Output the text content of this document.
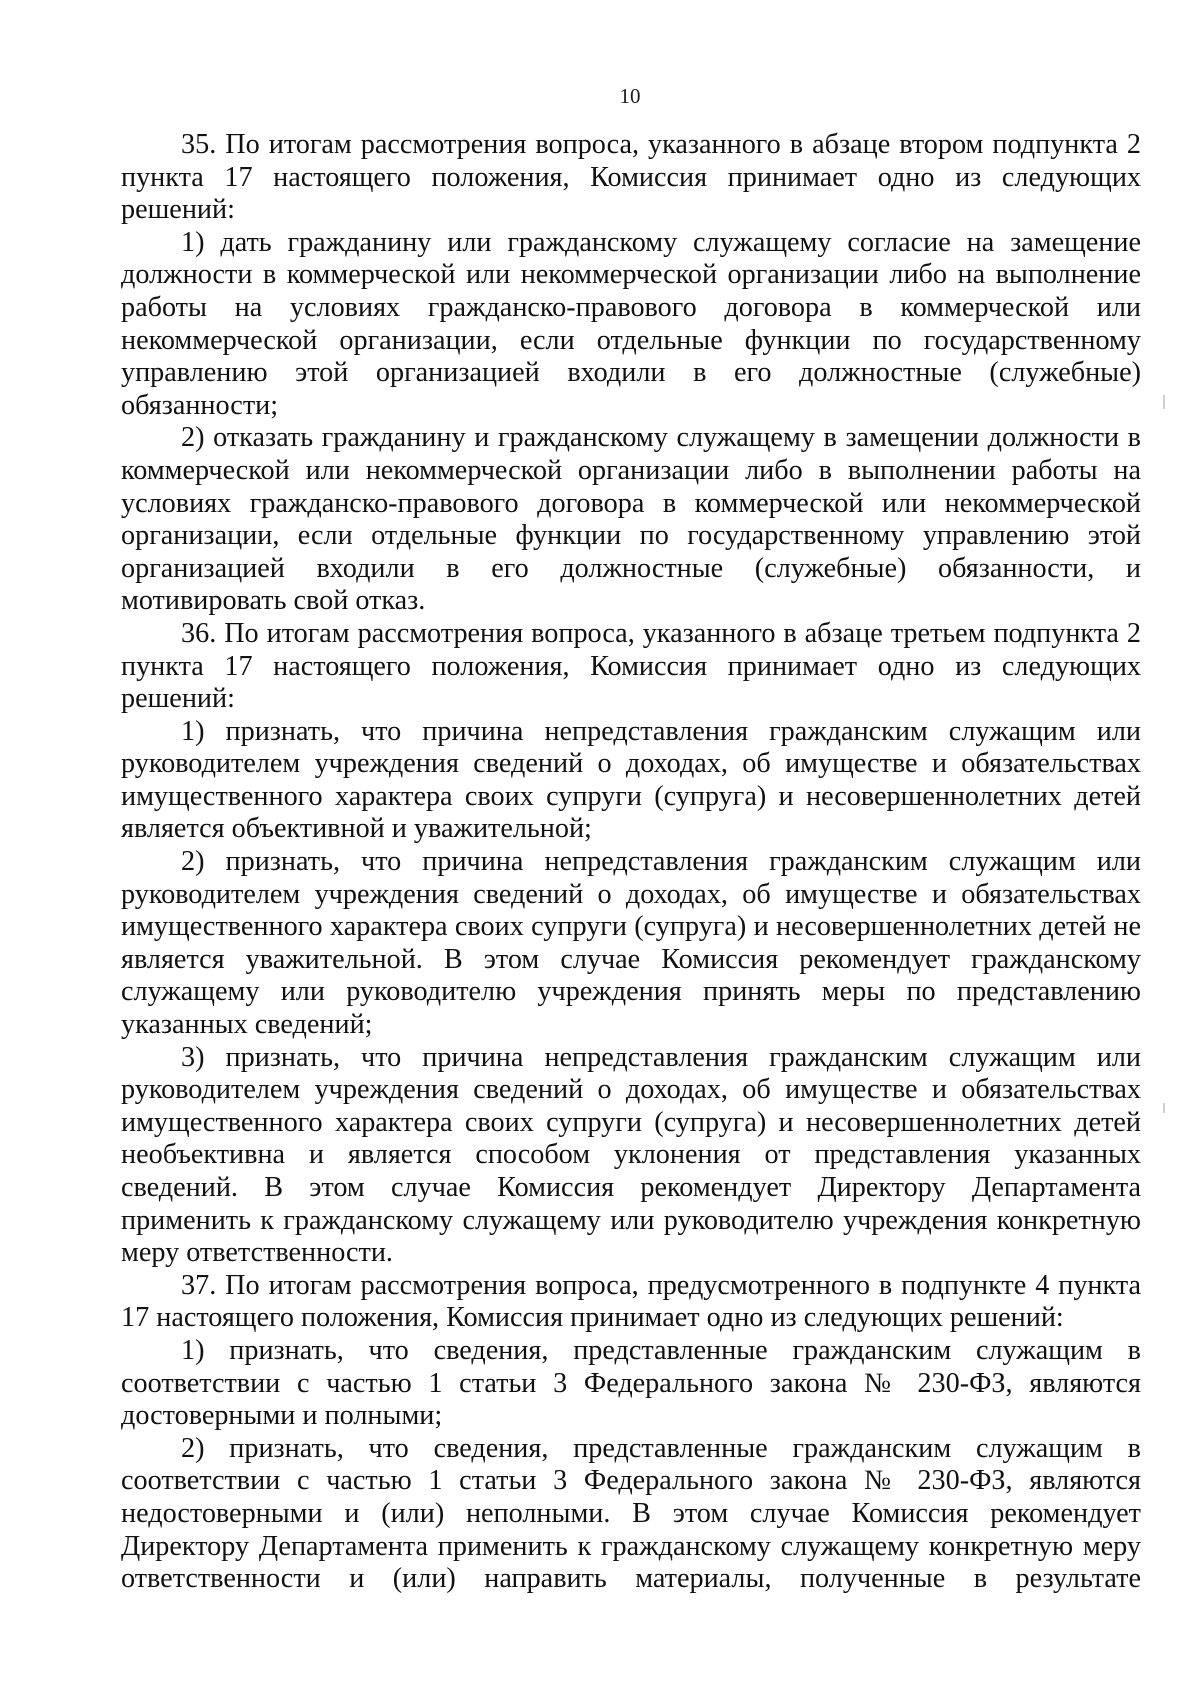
10

35. По итогам рассмотрения вопроса, указанного в абзаце втором подпункта 2 пункта 17 настоящего положения, Комиссия принимает одно из следующих решений:

1) дать гражданину или гражданскому служащему согласие на замещение должности в коммерческой или некоммерческой организации либо на выполнение работы на условиях гражданско-правового договора в коммерческой или некоммерческой организации, если отдельные функции по государственному управлению этой организацией входили в его должностные (служебные) обязанности;

2) отказать гражданину и гражданскому служащему в замещении должности в коммерческой или некоммерческой организации либо в выполнении работы на условиях гражданско-правового договора в коммерческой или некоммерческой организации, если отдельные функции по государственному управлению этой организацией входили в его должностные (служебные) обязанности, и мотивировать свой отказ.

36. По итогам рассмотрения вопроса, указанного в абзаце третьем подпункта 2 пункта 17 настоящего положения, Комиссия принимает одно из следующих решений:

1) признать, что причина непредставления гражданским служащим или руководителем учреждения сведений о доходах, об имуществе и обязательствах имущественного характера своих супруги (супруга) и несовершеннолетних детей является объективной и уважительной;

2) признать, что причина непредставления гражданским служащим или руководителем учреждения сведений о доходах, об имуществе и обязательствах имущественного характера своих супруги (супруга) и несовершеннолетних детей не является уважительной. В этом случае Комиссия рекомендует гражданскому служащему или руководителю учреждения принять меры по представлению указанных сведений;

3) признать, что причина непредставления гражданским служащим или руководителем учреждения сведений о доходах, об имуществе и обязательствах имущественного характера своих супруги (супруга) и несовершеннолетних детей необъективна и является способом уклонения от представления указанных сведений. В этом случае Комиссия рекомендует Директору Департамента применить к гражданскому служащему или руководителю учреждения конкретную меру ответственности.

37. По итогам рассмотрения вопроса, предусмотренного в подпункте 4 пункта 17 настоящего положения, Комиссия принимает одно из следующих решений:

1) признать, что сведения, представленные гражданским служащим в соответствии с частью 1 статьи 3 Федерального закона № 230-ФЗ, являются достоверными и полными;

2) признать, что сведения, представленные гражданским служащим в соответствии с частью 1 статьи 3 Федерального закона № 230-ФЗ, являются недостоверными и (или) неполными. В этом случае Комиссия рекомендует Директору Департамента применить к гражданскому служащему конкретную меру ответственности и (или) направить материалы, полученные в результате
